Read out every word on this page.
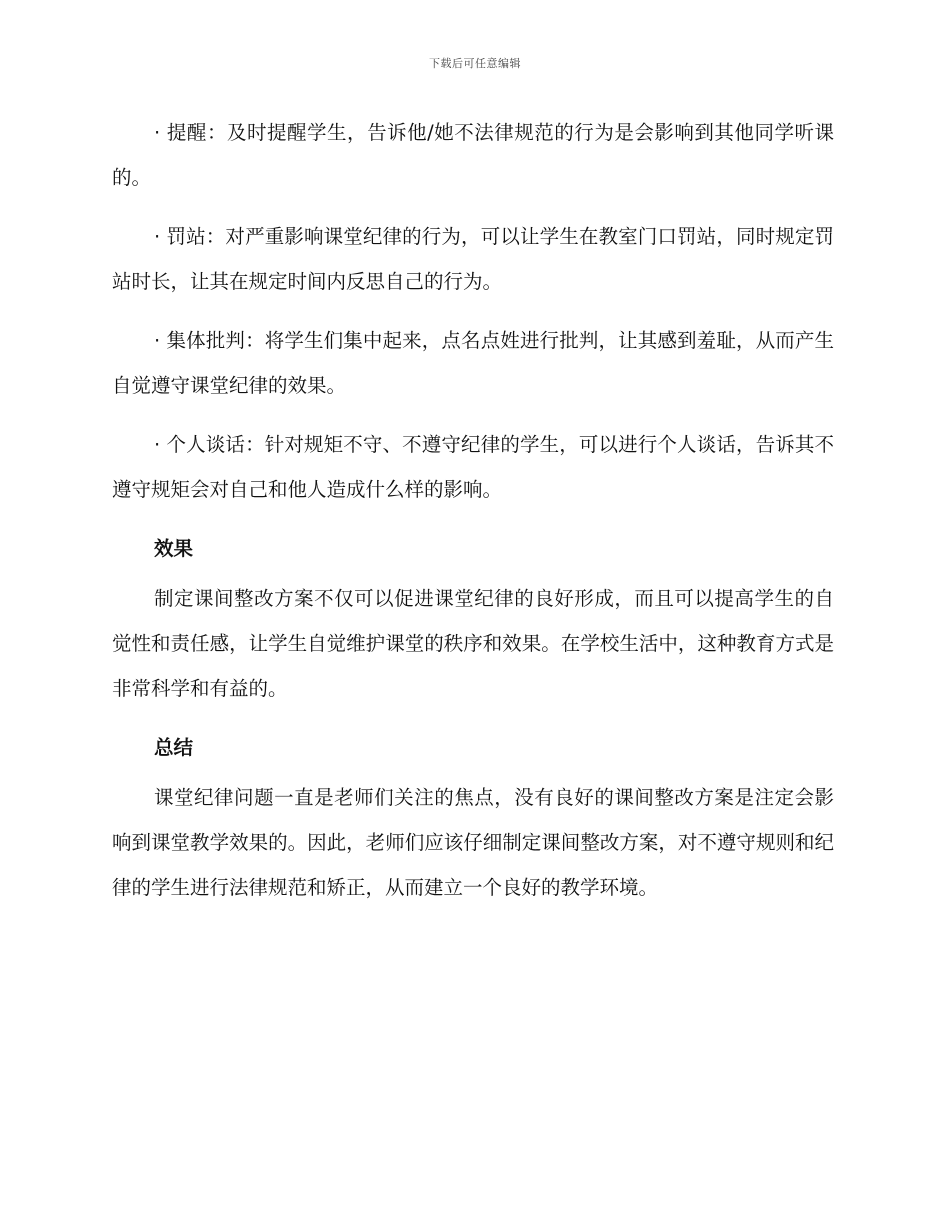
下载后可任意编辑

· 提醒：及时提醒学生，告诉他/她不法律规范的行为是会影响到其他同学听课的。

· 罚站：对严重影响课堂纪律的行为，可以让学生在教室门口罚站，同时规定罚站时长，让其在规定时间内反思自己的行为。

· 集体批判：将学生们集中起来，点名点姓进行批判，让其感到羞耻，从而产生自觉遵守课堂纪律的效果。

· 个人谈话：针对规矩不守、不遵守纪律的学生，可以进行个人谈话，告诉其不遵守规矩会对自己和他人造成什么样的影响。

效果

制定课间整改方案不仅可以促进课堂纪律的良好形成，而且可以提高学生的自觉性和责任感，让学生自觉维护课堂的秩序和效果。在学校生活中，这种教育方式是非常科学和有益的。

总结

课堂纪律问题一直是老师们关注的焦点，没有良好的课间整改方案是注定会影响到课堂教学效果的。因此，老师们应该仔细制定课间整改方案，对不遵守规则和纪律的学生进行法律规范和矫正，从而建立一个良好的教学环境。
